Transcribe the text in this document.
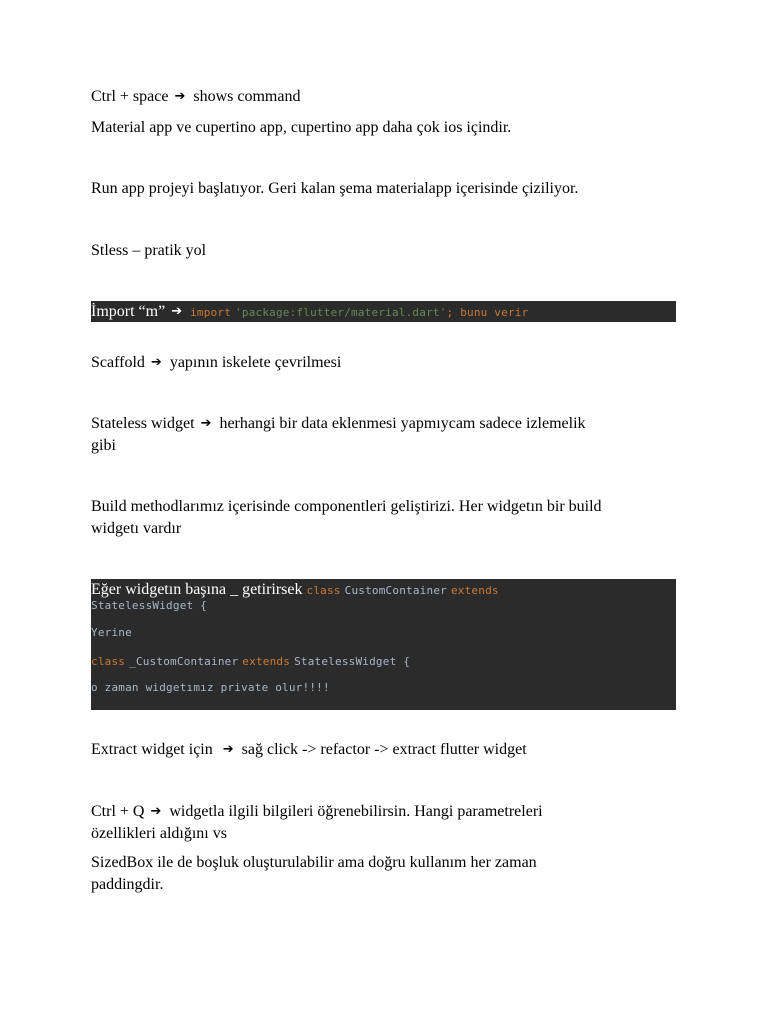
Ctrl + space ➔ shows command
Material app ve cupertino app, cupertino app daha çok ios içindir.
Run app projeyi başlatıyor. Geri kalan şema materialapp içerisinde çiziliyor.
Stless – pratik yol
İmport “m” ➔ import 'package:flutter/material.dart'; bunu verir
Scaffold ➔ yapının iskelete çevrilmesi
Stateless widget ➔ herhangi bir data eklenmesi yapmıycam sadece izlemelik
gibi
Build methodlarımız içerisinde componentleri geliştirizi. Her widgetın bir build
widgetı vardır
Eğer widgetın başına _ getirirsek class CustomContainer extends
StatelessWidget {
Yerine
class _CustomContainer extends StatelessWidget {
o zaman widgetımız private olur!!!!
Extract widget için ➔ sağ click -> refactor -> extract flutter widget
Ctrl + Q ➔ widgetla ilgili bilgileri öğrenebilirsin. Hangi parametreleri
özellikleri aldığını vs
SizedBox ile de boşluk oluşturulabilir ama doğru kullanım her zaman
paddingdir.
